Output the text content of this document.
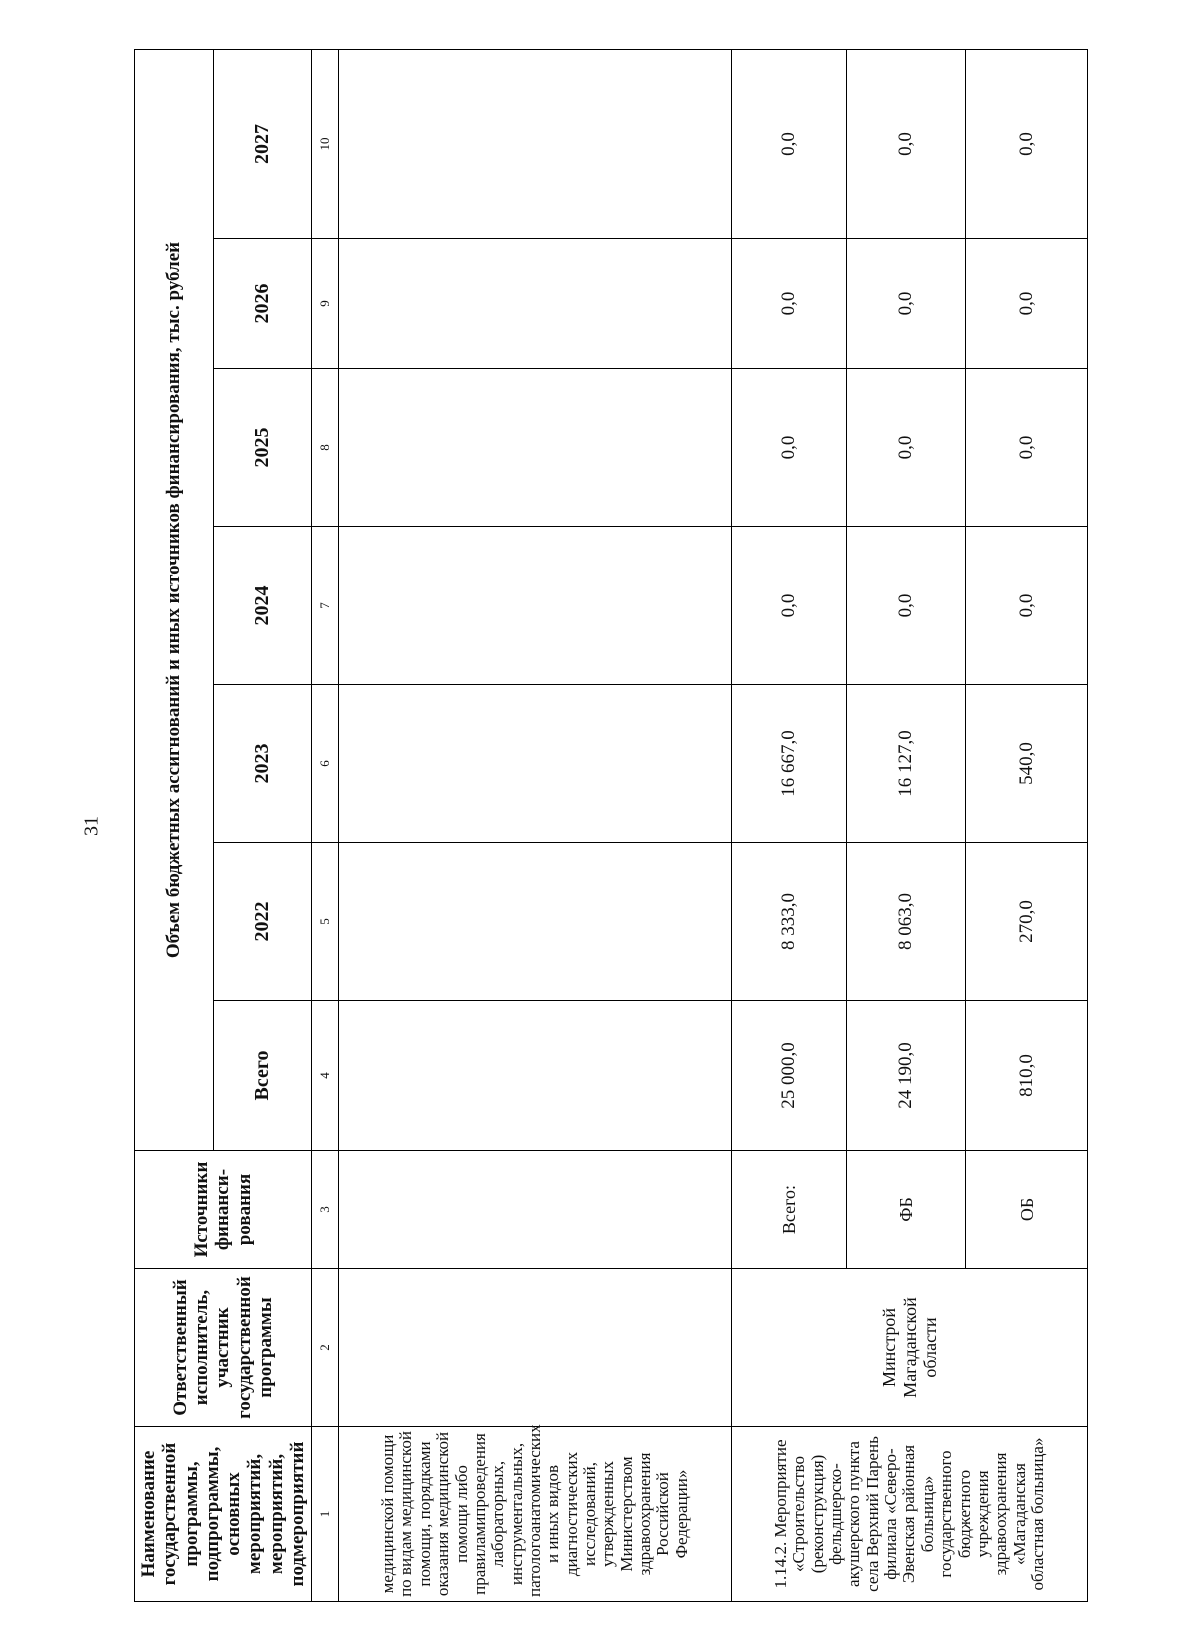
31
Наименование государственной программы, подпрограммы, основных мероприятий, мероприятий, подмероприятий	Ответственный исполнитель, участник государственной программы	Источники финанси-рования	Объем бюджетных ассигнований и иных источников финансирования, тыс. рублей						
			Всего	2022	2023	2024	2025	2026	2027
1	2	3	4	5	6	7	8	9	10
медицинской помощи по видам медицинской помощи, порядками оказания медицинской помощи либо правиламипроведения лабораторных, инструментальных, патологоанатомических и иных видов диагностических исследований, утвержденных Министерством здравоохранения Российской Федерации»									
1.14.2. Мероприятие «Строительство (реконструкция) фельдшерско-акушерского пункта села Верхний Парень филиала «Северо-Эвенская районная больница» государственного бюджетного учреждения здравоохранения «Магаданская областная больница»	Минстрой Магаданской области	Всего:	25 000,0	8 333,0	16 667,0	0,0	0,0	0,0	0,0
		ФБ	24 190,0	8 063,0	16 127,0	0,0	0,0	0,0	0,0
		ОБ	810,0	270,0	540,0	0,0	0,0	0,0	0,0
